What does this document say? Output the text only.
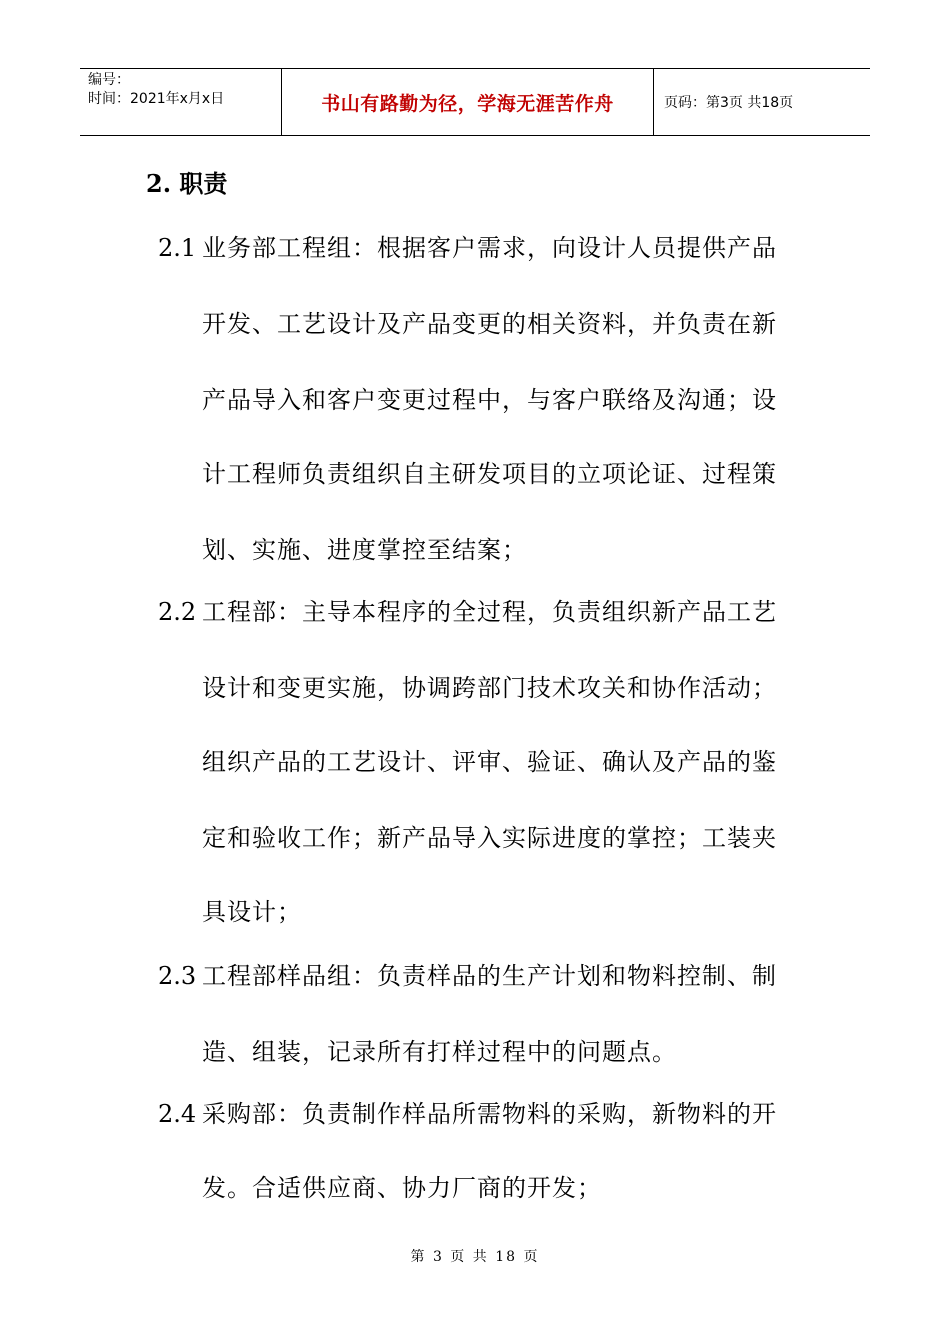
编号：
时间：2021年x月x日	书山有路勤为径，学海无涯苦作舟	页码：第3页 共18页
2. 职责
2.1 业务部工程组：根据客户需求，向设计人员提供产品
开发、工艺设计及产品变更的相关资料，并负责在新
产品导入和客户变更过程中，与客户联络及沟通；设
计工程师负责组织自主研发项目的立项论证、过程策
划、实施、进度掌控至结案；
2.2 工程部：主导本程序的全过程，负责组织新产品工艺
设计和变更实施，协调跨部门技术攻关和协作活动；
组织产品的工艺设计、评审、验证、确认及产品的鉴
定和验收工作；新产品导入实际进度的掌控；工装夹
具设计；
2.3 工程部样品组：负责样品的生产计划和物料控制、制
造、组装，记录所有打样过程中的问题点。
2.4 采购部：负责制作样品所需物料的采购，新物料的开
发。合适供应商、协力厂商的开发；
第 3 页 共 18 页
